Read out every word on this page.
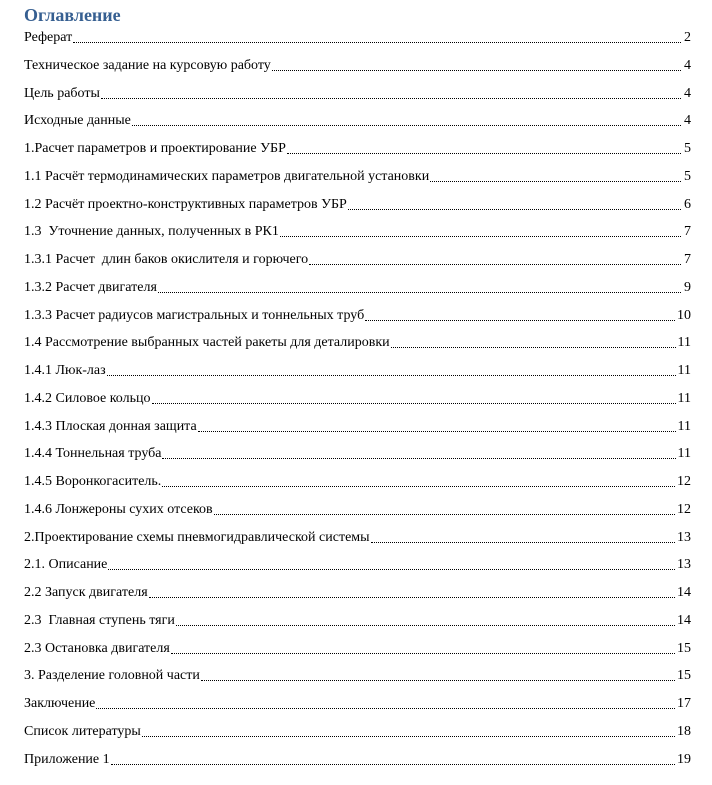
Оглавление
Реферат	2
Техническое задание на курсовую работу	4
Цель работы	4
Исходные данные	4
1.Расчет параметров и проектирование УБР	5
1.1 Расчёт термодинамических параметров двигательной установки	5
1.2 Расчёт проектно-конструктивных параметров УБР	6
1.3  Уточнение данных, полученных в РК1	7
1.3.1 Расчет  длин баков окислителя и горючего	7
1.3.2 Расчет двигателя	9
1.3.3 Расчет радиусов магистральных и тоннельных труб	10
1.4 Рассмотрение выбранных частей ракеты для деталировки	11
1.4.1 Люк-лаз	11
1.4.2 Силовое кольцо	11
1.4.3 Плоская донная защита	11
1.4.4 Тоннельная труба	11
1.4.5 Воронкогаситель.	12
1.4.6 Лонжероны сухих отсеков	12
2.Проектирование схемы пневмогидравлической системы	13
2.1. Описание	13
2.2 Запуск двигателя	14
2.3  Главная ступень тяги	14
2.3 Остановка двигателя	15
3. Разделение головной части	15
Заключение	17
Список литературы	18
Приложение 1	19
